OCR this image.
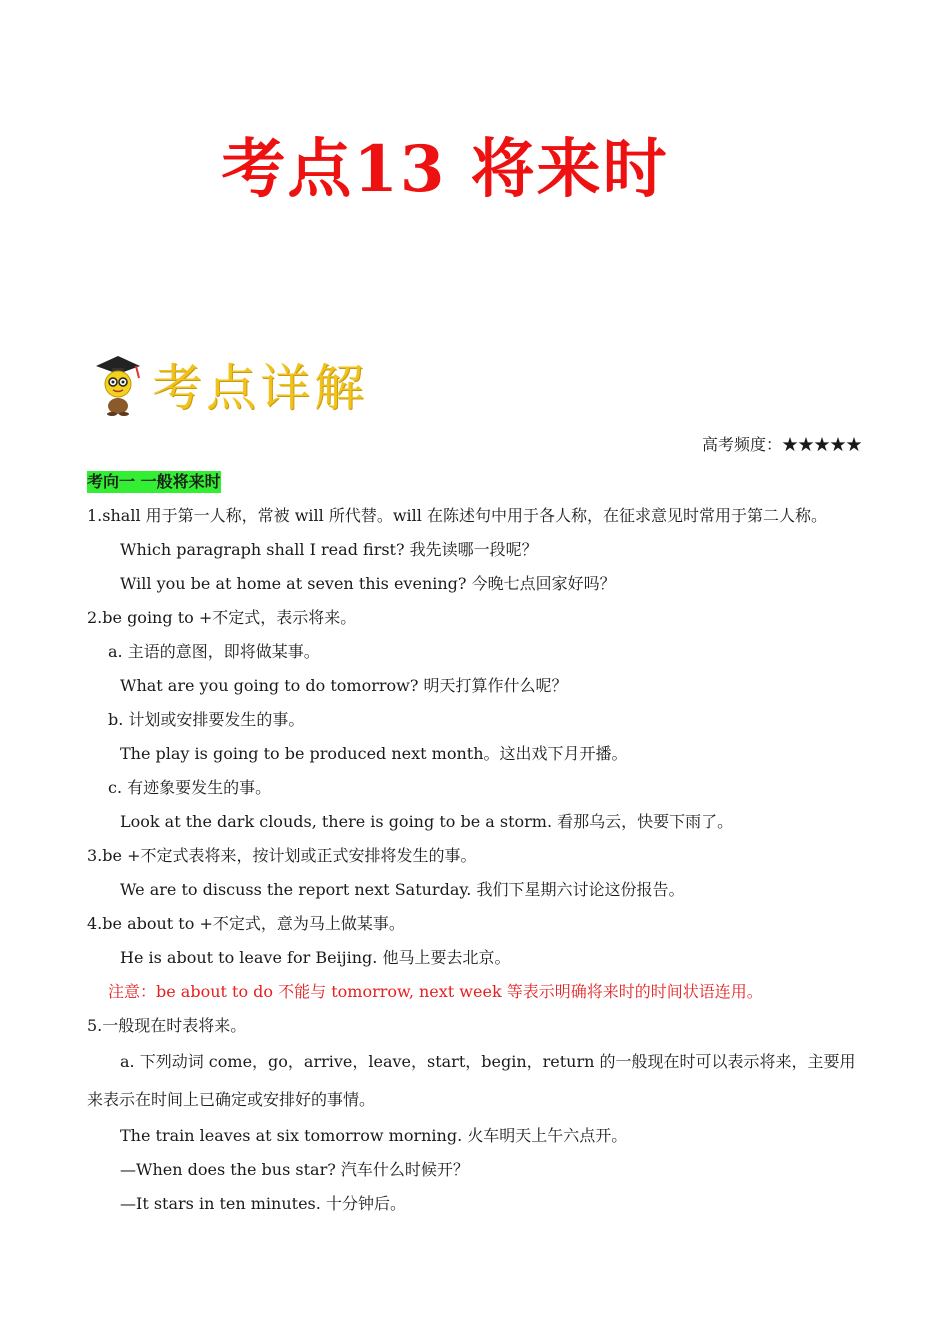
考点13 将来时
考点详解
高考频度：★★★★★
考向一 一般将来时
1.shall 用于第一人称，常被 will 所代替。will 在陈述句中用于各人称，在征求意见时常用于第二人称。
Which paragraph shall I read first? 我先读哪一段呢？
Will you be at home at seven this evening? 今晚七点回家好吗？
2.be going to +不定式，表示将来。
a. 主语的意图，即将做某事。
What are you going to do tomorrow? 明天打算作什么呢？
b. 计划或安排要发生的事。
The play is going to be produced next month。这出戏下月开播。
c. 有迹象要发生的事。
Look at the dark clouds, there is going to be a storm. 看那乌云，快要下雨了。
3.be +不定式表将来，按计划或正式安排将发生的事。
We are to discuss the report next Saturday. 我们下星期六讨论这份报告。
4.be about to +不定式，意为马上做某事。
He is about to leave for Beijing. 他马上要去北京。
注意：be about to do 不能与 tomorrow, next week 等表示明确将来时的时间状语连用。
5.一般现在时表将来。
a. 下列动词 come，go，arrive，leave，start，begin，return 的一般现在时可以表示将来，主要用来表示在时间上已确定或安排好的事情。
The train leaves at six tomorrow morning. 火车明天上午六点开。
—When does the bus star? 汽车什么时候开？
—It stars in ten minutes. 十分钟后。
